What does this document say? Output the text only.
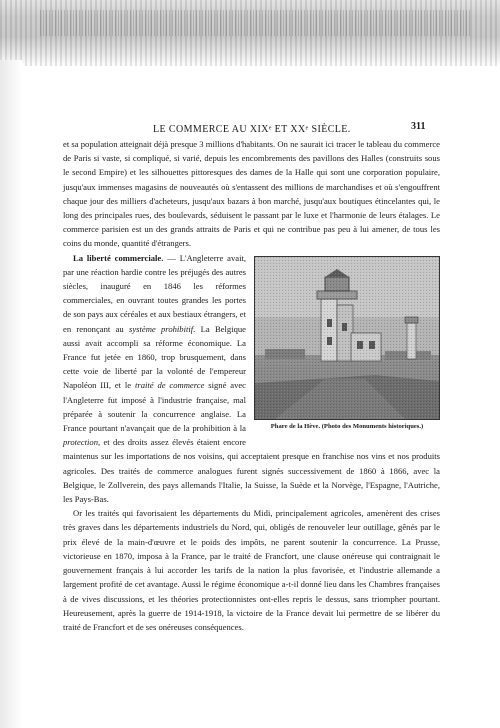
LE COMMERCE AU XIXᵉ ET XXᵉ SIÈCLE.	311

et sa population atteignait déjà presque 3 millions d'habitants. On ne saurait ici tracer le tableau du commerce de Paris si vaste, si compliqué, si varié, depuis les encombrements des pavillons des Halles (construits sous le second Empire) et les silhouettes pittoresques des dames de la Halle qui sont une corporation populaire, jusqu'aux immenses magasins de nouveautés où s'entassent des millions de marchandises et où s'engouffrent chaque jour des milliers d'acheteurs, jusqu'aux bazars à bon marché, jusqu'aux boutiques étincelantes qui, le long des principales rues, des boulevards, séduisent le passant par le luxe et l'harmonie de leurs étalages. Le commerce parisien est un des grands attraits de Paris et qui ne contribue pas peu à lui amener, de tous les coins du monde, quantité d'étrangers.

Phare de la Hève. (Photo des Monuments historiques.)

La liberté commerciale. — L'Angleterre avait, par une réaction hardie contre les préjugés des autres siècles, inauguré en 1846 les réformes commerciales, en ouvrant toutes grandes les portes de son pays aux céréales et aux bestiaux étrangers, et en renonçant au système prohibitif. La Belgique aussi avait accompli sa réforme économique. La France fut jetée en 1860, trop brusquement, dans cette voie de liberté par la volonté de l'empereur Napoléon III, et le traité de commerce signé avec l'Angleterre fut imposé à l'industrie française, mal préparée à soutenir la concurrence anglaise. La France pourtant n'avançait que de la prohibition à la protection, et des droits assez élevés étaient encore maintenus sur les importations de nos voisins, qui acceptaient presque en franchise nos vins et nos produits agricoles. Des traités de commerce analogues furent signés successivement de 1860 à 1866, avec la Belgique, le Zollverein, des pays allemands l'Italie, la Suisse, la Suède et la Norvège, l'Espagne, l'Autriche, les Pays-Bas.

Or les traités qui favorisaient les départements du Midi, principalement agricoles, amenèrent des crises très graves dans les départements industriels du Nord, qui, obligés de renouveler leur outillage, gênés par le prix élevé de la main-d'œuvre et le poids des impôts, ne parent soutenir la concurrence. La Prusse, victorieuse en 1870, imposa à la France, par le traité de Francfort, une clause onéreuse qui contraignait le gouvernement français à lui accorder les tarifs de la nation la plus favorisée, et l'industrie allemande a largement profité de cet avantage. Aussi le régime économique a-t-il donné lieu dans les Chambres françaises à de vives discussions, et les théories protectionnistes ont-elles repris le dessus, sans triompher pourtant. Heureusement, après la guerre de 1914-1918, la victoire de la France devait lui permettre de se libérer du traité de Francfort et de ses onéreuses conséquences.
